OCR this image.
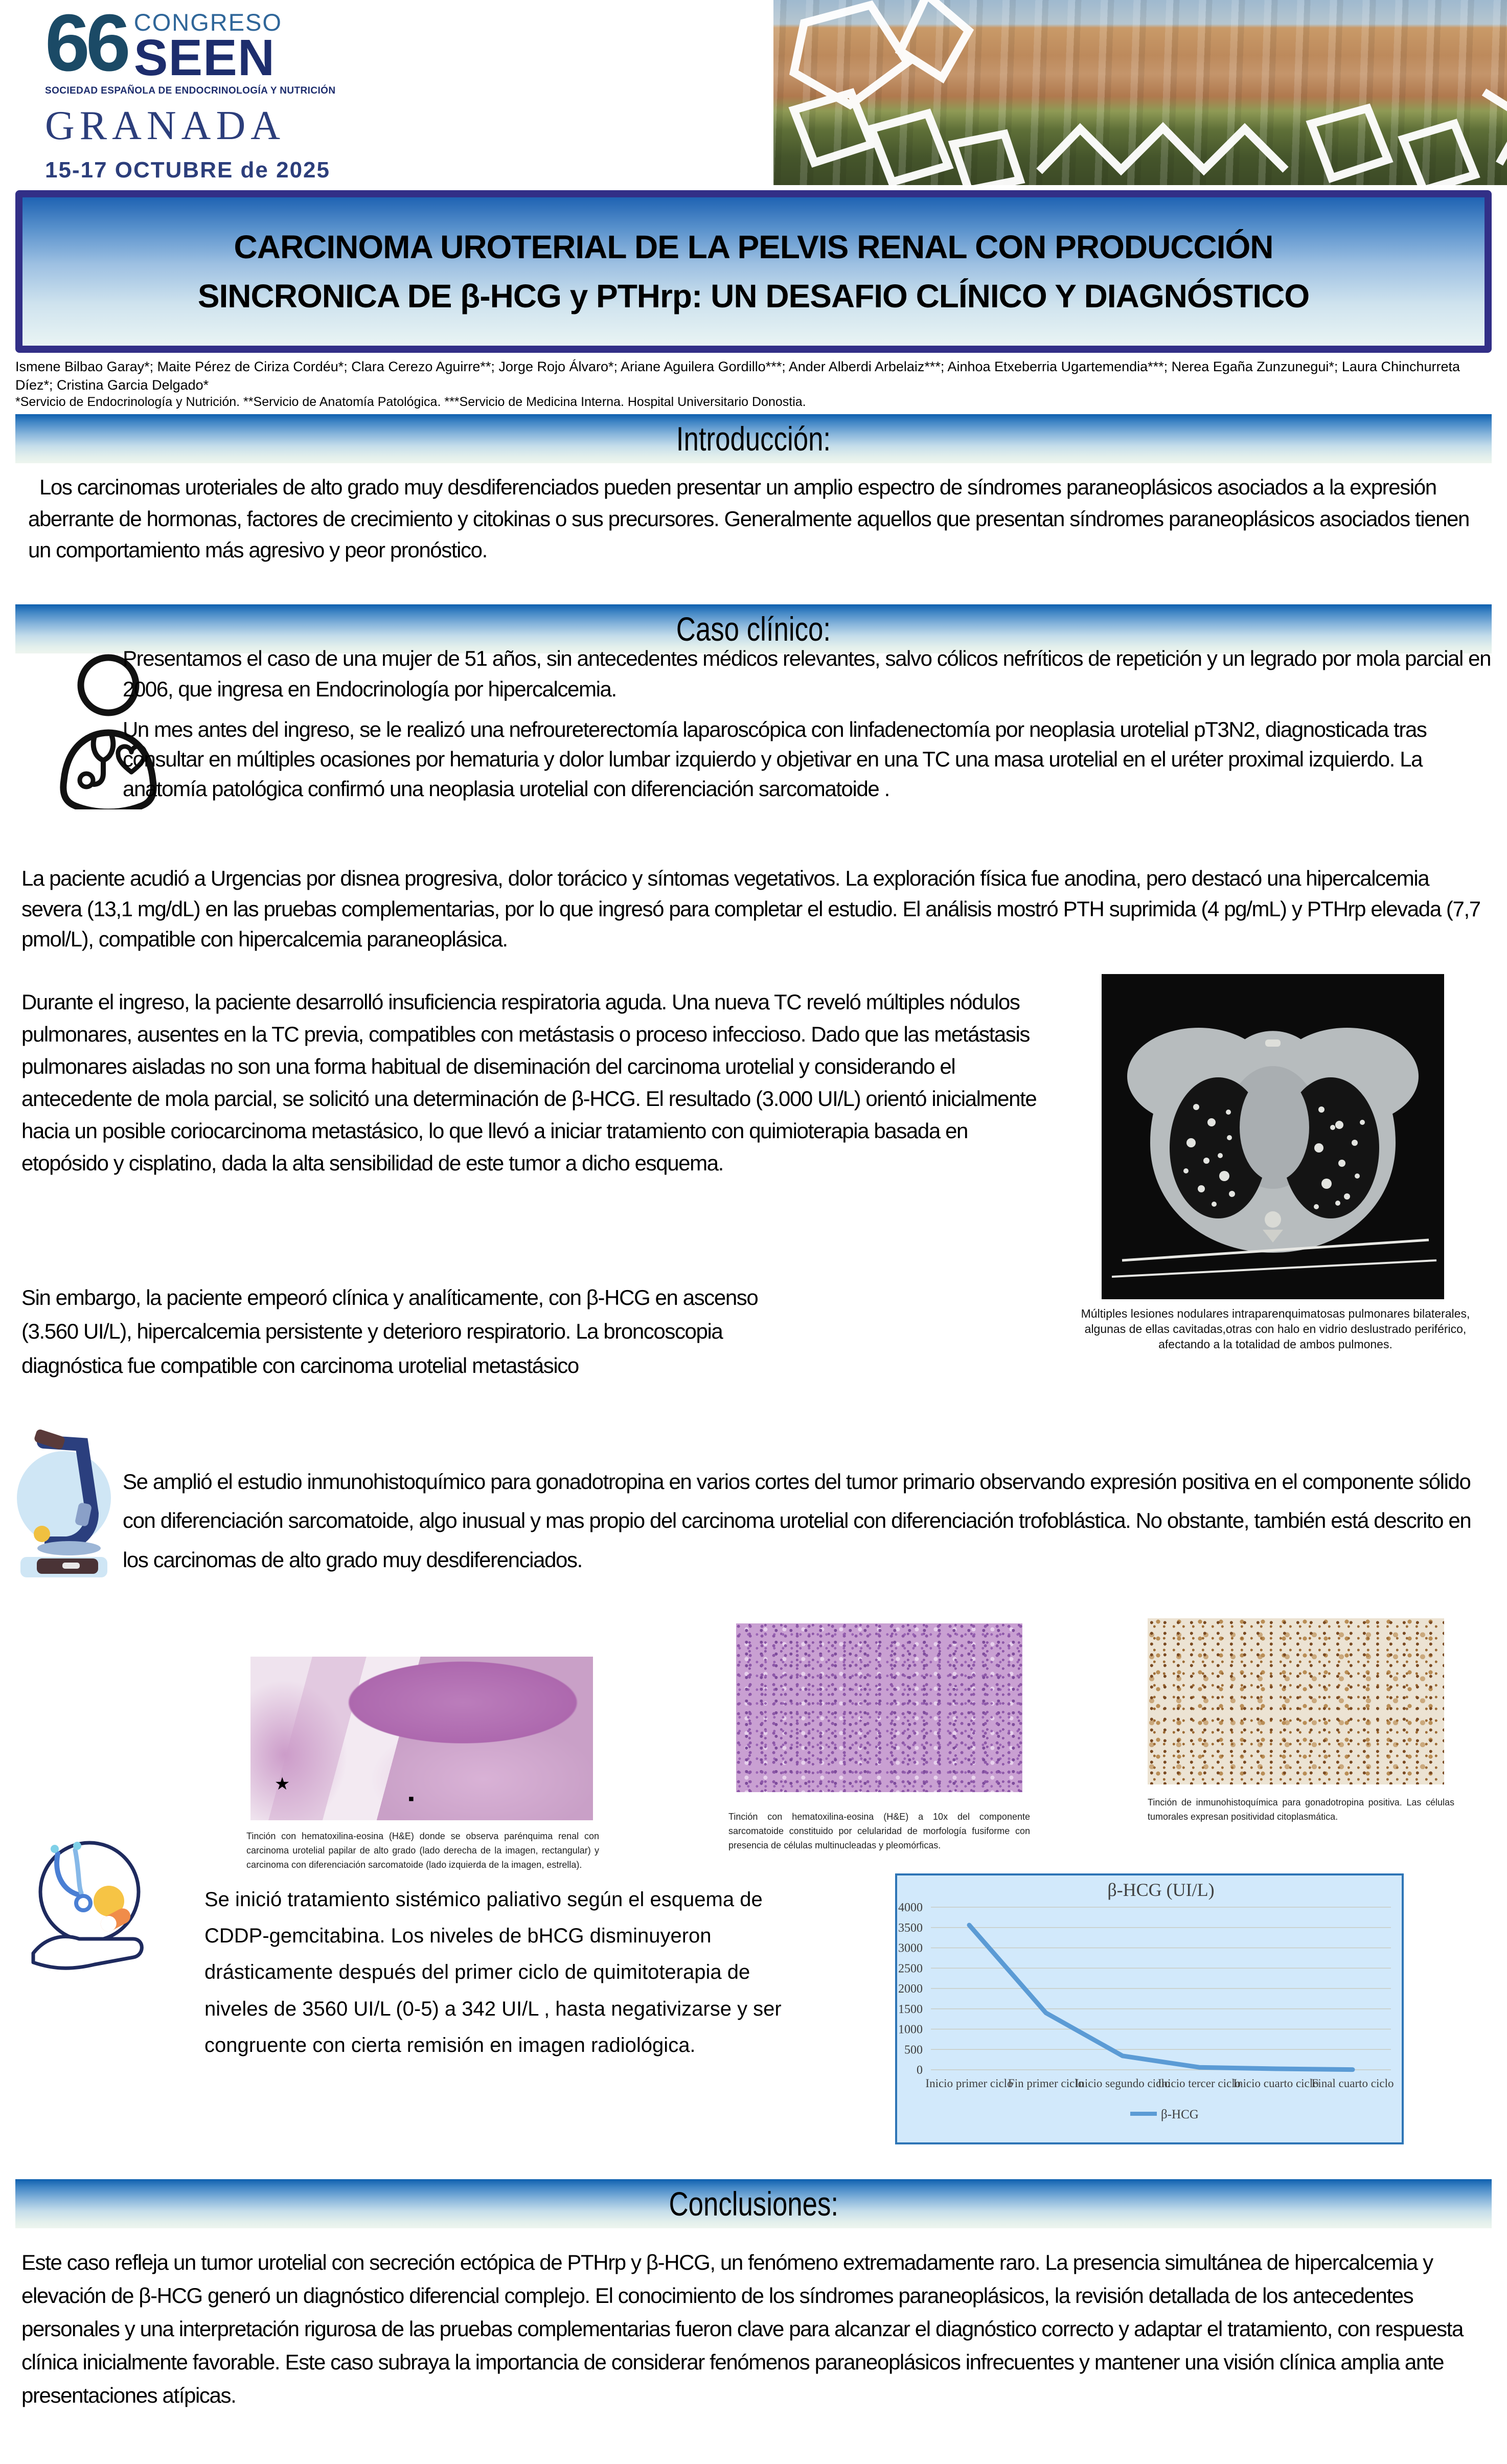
66 CONGRESO
SEEN
SOCIEDAD ESPAÑOLA DE ENDOCRINOLOGÍA Y NUTRICIÓN
GRANADA
15-17 OCTUBRE de 2025
CARCINOMA UROTERIAL DE LA PELVIS RENAL CON PRODUCCIÓN
SINCRONICA DE β-HCG y PTHrp: UN DESAFIO CLÍNICO Y DIAGNÓSTICO
Ismene Bilbao Garay*; Maite Pérez de Ciriza Cordéu*; Clara Cerezo Aguirre**; Jorge Rojo Álvaro*; Ariane Aguilera Gordillo***; Ander Alberdi Arbelaiz***; Ainhoa Etxeberria Ugartemendia***; Nerea Egaña Zunzunegui*; Laura Chinchurreta Díez*; Cristina Garcia Delgado*
*Servicio de Endocrinología y Nutrición. **Servicio de Anatomía Patológica. ***Servicio de Medicina Interna. Hospital Universitario Donostia.
Introducción:
Los carcinomas uroteriales de alto grado muy desdiferenciados pueden presentar un amplio espectro de síndromes paraneoplásicos asociados a la expresión aberrante de hormonas, factores de crecimiento y citokinas o sus precursores. Generalmente aquellos que presentan síndromes paraneoplásicos asociados tienen un comportamiento más agresivo y peor pronóstico.
Caso clínico:
Presentamos el caso de una mujer de 51 años, sin antecedentes médicos relevantes, salvo cólicos nefríticos de repetición y un legrado por mola parcial en 2006, que ingresa en Endocrinología por hipercalcemia.
Un mes antes del ingreso, se le realizó una nefroureterectomía laparoscópica con linfadenectomía por neoplasia urotelial pT3N2, diagnosticada tras consultar en múltiples ocasiones por hematuria y dolor lumbar izquierdo y objetivar en una TC una masa urotelial en el uréter proximal izquierdo. La anatomía patológica confirmó una neoplasia urotelial con diferenciación sarcomatoide .
La paciente acudió a Urgencias por disnea progresiva, dolor torácico y síntomas vegetativos. La exploración física fue anodina, pero destacó una hipercalcemia severa (13,1 mg/dL) en las pruebas complementarias, por lo que ingresó para completar el estudio. El análisis mostró PTH suprimida (4 pg/mL) y PTHrp elevada (7,7 pmol/L), compatible con hipercalcemia paraneoplásica.
Durante el ingreso, la paciente desarrolló insuficiencia respiratoria aguda. Una nueva TC reveló múltiples nódulos pulmonares, ausentes en la TC previa, compatibles con metástasis o proceso infeccioso. Dado que las metástasis pulmonares aisladas no son una forma habitual de diseminación del carcinoma urotelial y considerando el antecedente de mola parcial, se solicitó una determinación de β-HCG. El resultado (3.000 UI/L) orientó inicialmente hacia un posible coriocarcinoma metastásico, lo que llevó a iniciar tratamiento con quimioterapia basada en etopósido y cisplatino, dada la alta sensibilidad de este tumor a dicho esquema.
Sin embargo, la paciente empeoró clínica y analíticamente, con β-HCG en ascenso (3.560 UI/L), hipercalcemia persistente y deterioro respiratorio. La broncoscopia diagnóstica fue compatible con carcinoma urotelial metastásico
Múltiples lesiones nodulares intraparenquimatosas pulmonares bilaterales, algunas de ellas cavitadas,otras con halo en vidrio deslustrado periférico, afectando a la totalidad de ambos pulmones.
Se amplió el estudio inmunohistoquímico para gonadotropina en varios cortes del tumor primario observando expresión positiva en el componente sólido con diferenciación sarcomatoide, algo inusual y mas propio del carcinoma urotelial con diferenciación trofoblástica. No obstante, también está descrito en los carcinomas de alto grado muy desdiferenciados.
★
▪
Tinción con hematoxilina-eosina (H&E) donde se observa parénquima renal con carcinoma urotelial papilar de alto grado (lado derecha de la imagen, rectangular) y carcinoma con diferenciación sarcomatoide (lado izquierda de la imagen, estrella).
Tinción con hematoxilina-eosina (H&E) a 10x del componente sarcomatoide constituido por celularidad de morfología fusiforme con presencia de células multinucleadas y pleomórficas.
Tinción de inmunohistoquímica para gonadotropina positiva. Las células tumorales expresan positividad citoplasmática.
Se inició tratamiento sistémico paliativo según el esquema de CDDP-gemcitabina. Los niveles de bHCG disminuyeron drásticamente después del primer ciclo de quimitoterapia de niveles de 3560 UI/L (0-5) a 342 UI/L , hasta negativizarse y ser congruente con cierta remisión en imagen radiológica.
0
500
1000
1500
2000
2500
3000
3500
4000
β-HCG (UI/L)
Inicio primer ciclo
Fin primer ciclo
Inicio segundo ciclo
Inicio tercer ciclo
Inicio cuarto ciclo
Final cuarto ciclo
β-HCG
Conclusiones:
Este caso refleja un tumor urotelial con secreción ectópica de PTHrp y β-HCG, un fenómeno extremadamente raro. La presencia simultánea de hipercalcemia y elevación de β-HCG generó un diagnóstico diferencial complejo. El conocimiento de los síndromes paraneoplásicos, la revisión detallada de los antecedentes personales y una interpretación rigurosa de las pruebas complementarias fueron clave para alcanzar el diagnóstico correcto y adaptar el tratamiento, con respuesta clínica inicialmente favorable. Este caso subraya la importancia de considerar fenómenos paraneoplásicos infrecuentes y mantener una visión clínica amplia ante presentaciones atípicas.
